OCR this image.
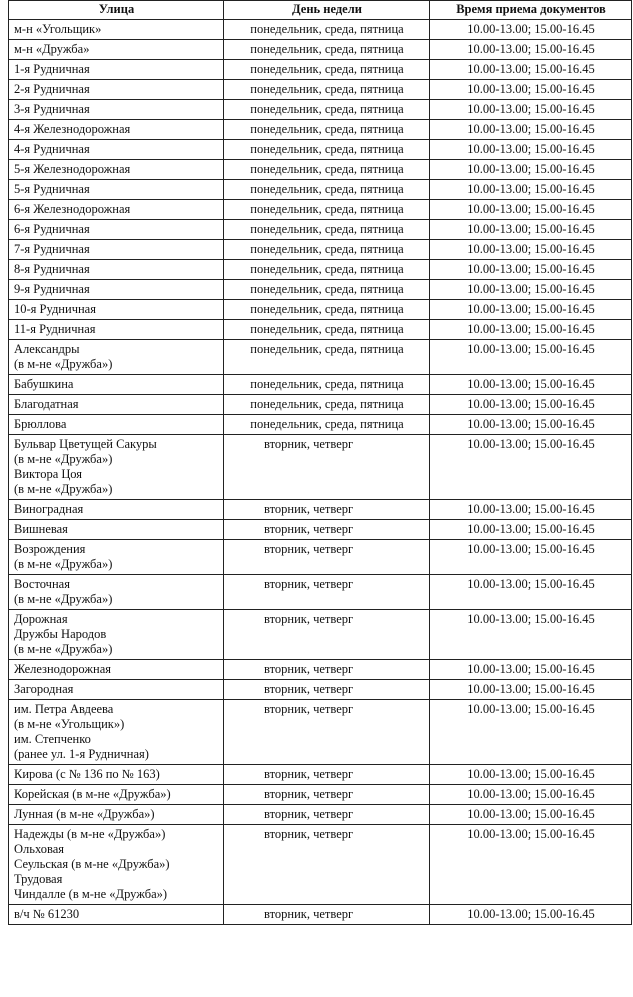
Улица	День недели	Время приема документов

м-н «Угольщик»	понедельник, среда, пятница	10.00-13.00; 15.00-16.45

м-н «Дружба»	понедельник, среда, пятница	10.00-13.00; 15.00-16.45

1-я Рудничная	понедельник, среда, пятница	10.00-13.00; 15.00-16.45

2-я Рудничная	понедельник, среда, пятница	10.00-13.00; 15.00-16.45

3-я Рудничная	понедельник, среда, пятница	10.00-13.00; 15.00-16.45

4-я Железнодорожная	понедельник, среда, пятница	10.00-13.00; 15.00-16.45

4-я Рудничная	понедельник, среда, пятница	10.00-13.00; 15.00-16.45

5-я Железнодорожная	понедельник, среда, пятница	10.00-13.00; 15.00-16.45

5-я Рудничная	понедельник, среда, пятница	10.00-13.00; 15.00-16.45

6-я Железнодорожная	понедельник, среда, пятница	10.00-13.00; 15.00-16.45

6-я Рудничная	понедельник, среда, пятница	10.00-13.00; 15.00-16.45

7-я Рудничная	понедельник, среда, пятница	10.00-13.00; 15.00-16.45

8-я Рудничная	понедельник, среда, пятница	10.00-13.00; 15.00-16.45

9-я Рудничная	понедельник, среда, пятница	10.00-13.00; 15.00-16.45

10-я Рудничная	понедельник, среда, пятница	10.00-13.00; 15.00-16.45

11-я Рудничная	понедельник, среда, пятница	10.00-13.00; 15.00-16.45

Александры
(в м-не «Дружба»)	понедельник, среда, пятница	10.00-13.00; 15.00-16.45

Бабушкина	понедельник, среда, пятница	10.00-13.00; 15.00-16.45

Благодатная	понедельник, среда, пятница	10.00-13.00; 15.00-16.45

Брюллова	понедельник, среда, пятница	10.00-13.00; 15.00-16.45

Бульвар Цветущей Сакуры
(в м-не «Дружба»)
Виктора Цоя
(в м-не «Дружба»)	вторник, четверг	10.00-13.00; 15.00-16.45

Виноградная	вторник, четверг	10.00-13.00; 15.00-16.45

Вишневая	вторник, четверг	10.00-13.00; 15.00-16.45

Возрождения
(в м-не «Дружба»)	вторник, четверг	10.00-13.00; 15.00-16.45

Восточная
(в м-не «Дружба»)	вторник, четверг	10.00-13.00; 15.00-16.45

Дорожная
Дружбы Народов
(в м-не «Дружба»)	вторник, четверг	10.00-13.00; 15.00-16.45

Железнодорожная	вторник, четверг	10.00-13.00; 15.00-16.45

Загородная	вторник, четверг	10.00-13.00; 15.00-16.45

им. Петра Авдеева
(в м-не «Угольщик»)
им. Степченко
(ранее ул. 1-я Рудничная)	вторник, четверг	10.00-13.00; 15.00-16.45

Кирова (с № 136 по № 163)	вторник, четверг	10.00-13.00; 15.00-16.45

Корейская (в м-не «Дружба»)	вторник, четверг	10.00-13.00; 15.00-16.45

Лунная (в м-не «Дружба»)	вторник, четверг	10.00-13.00; 15.00-16.45

Надежды (в м-не «Дружба»)
Ольховая
Сеульская (в м-не «Дружба»)
Трудовая
Чиндалле (в м-не «Дружба»)	вторник, четверг	10.00-13.00; 15.00-16.45

в/ч № 61230	вторник, четверг	10.00-13.00; 15.00-16.45
